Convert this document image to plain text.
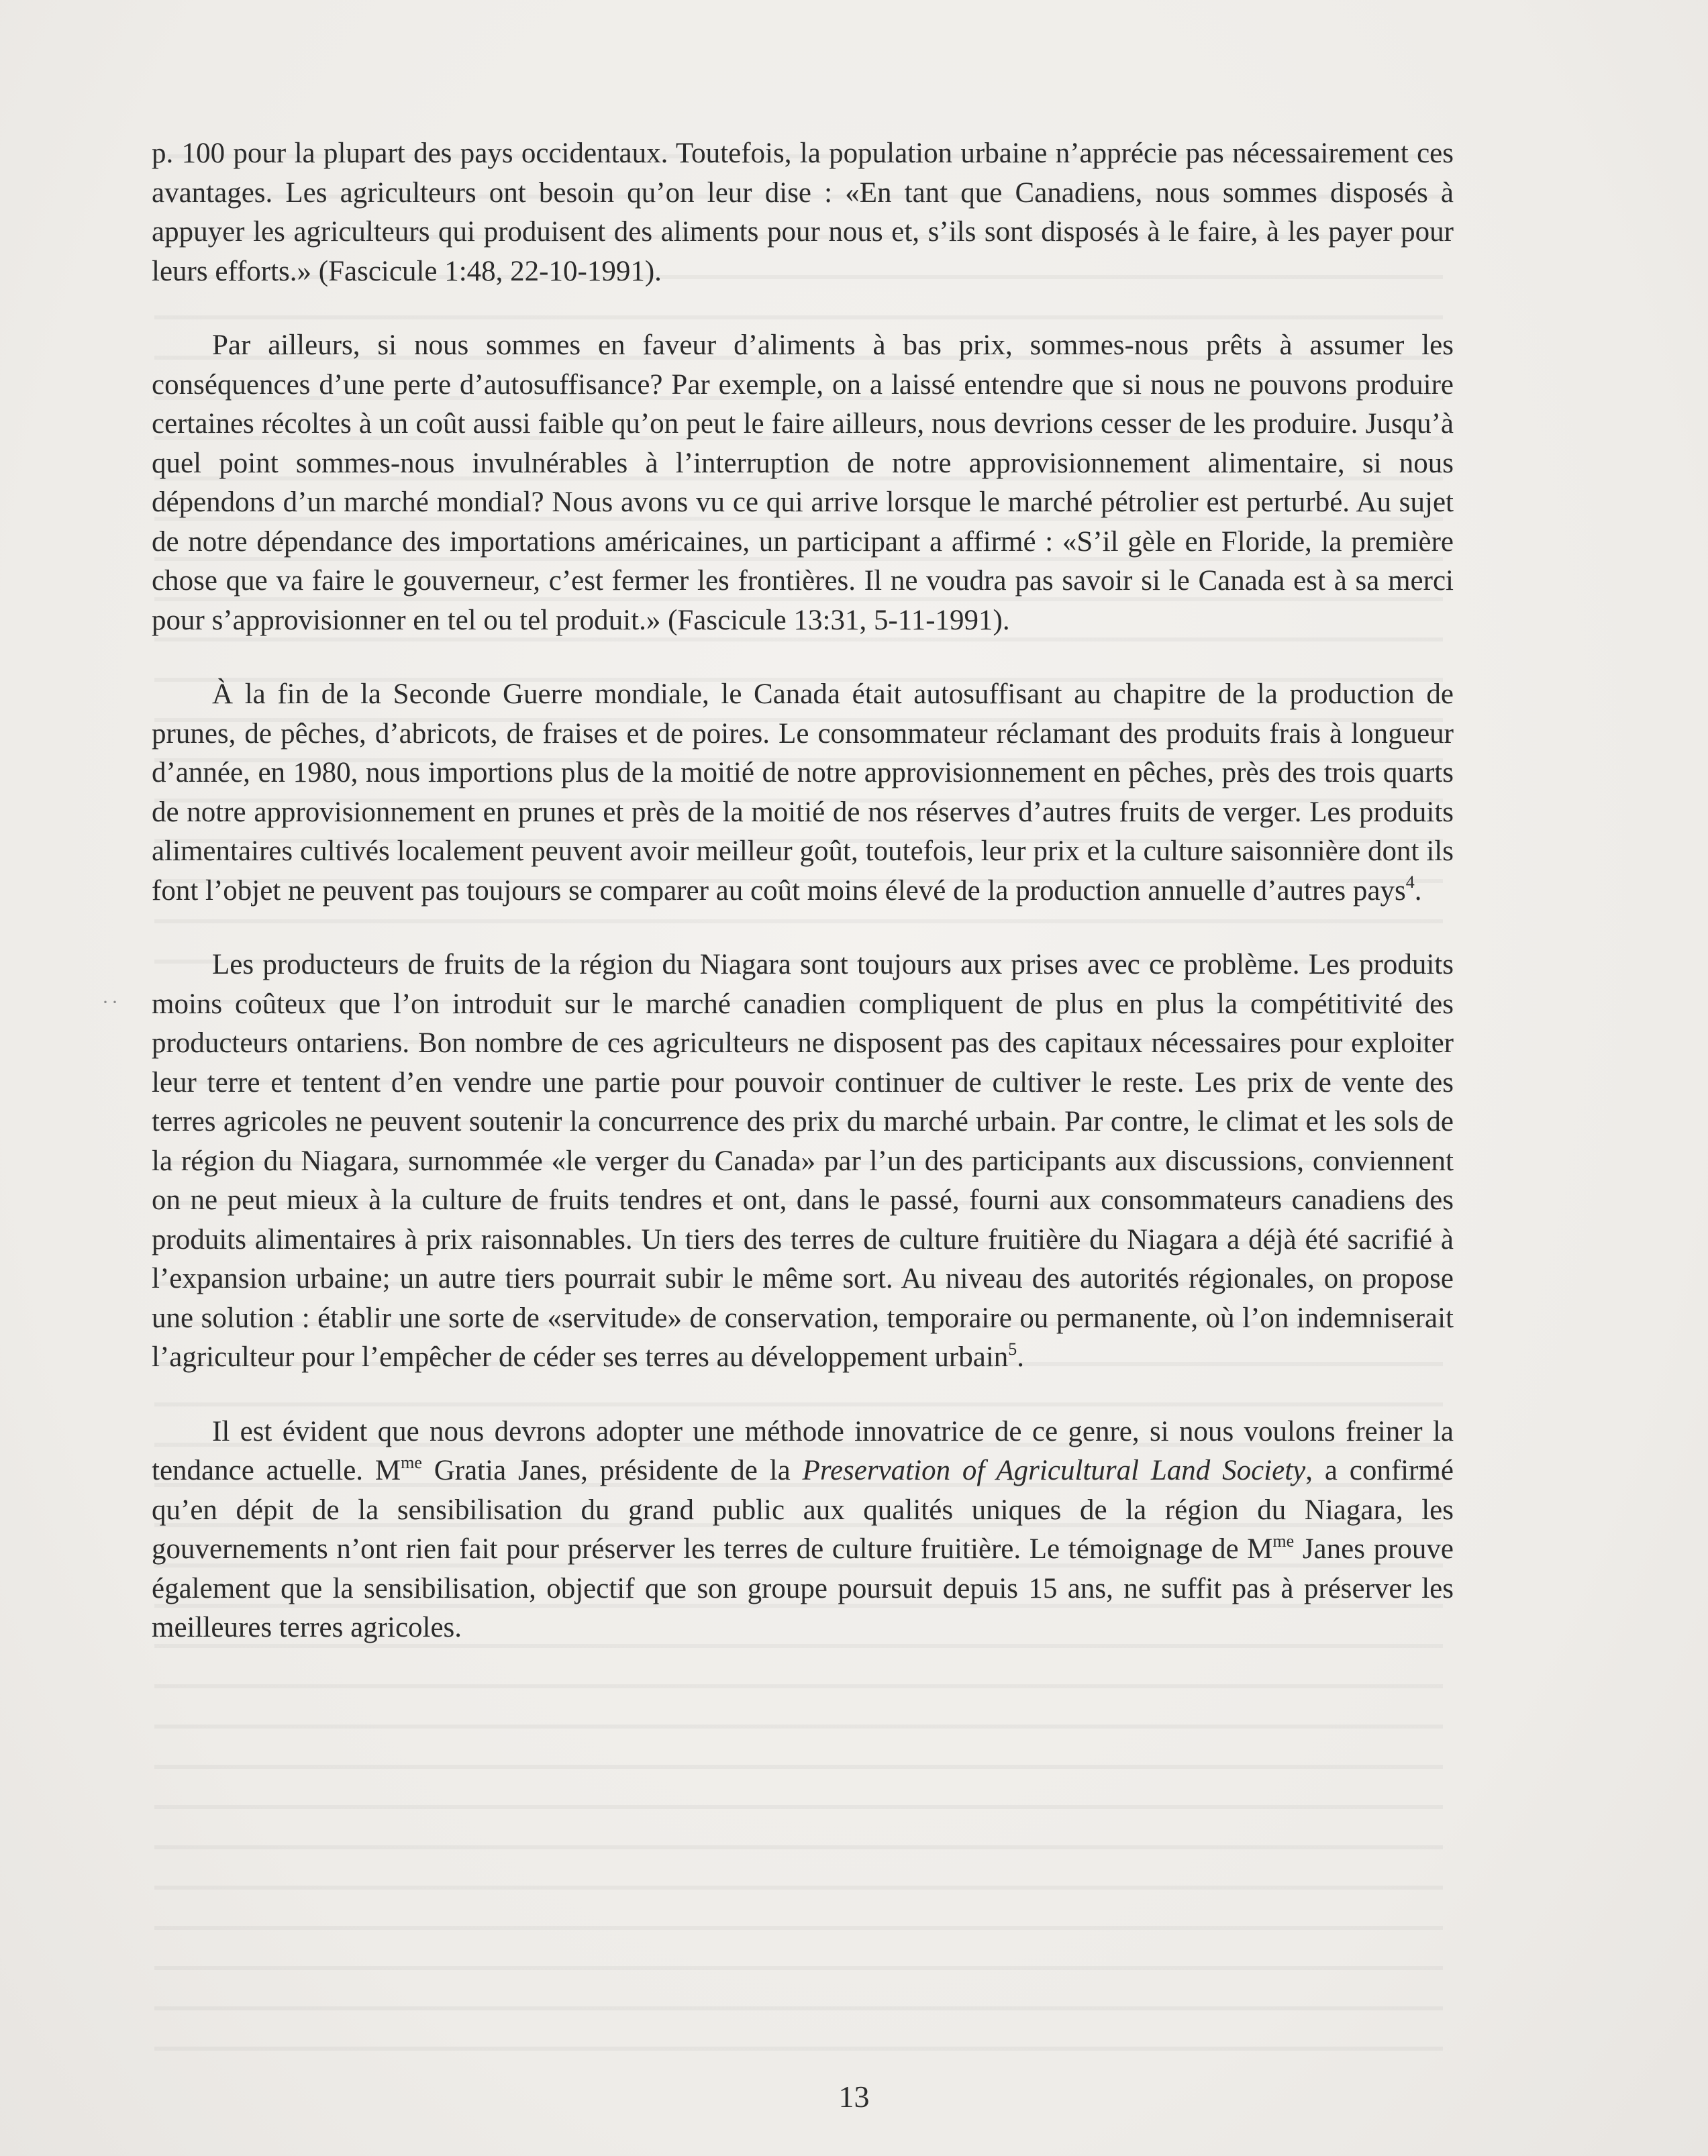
··

p. 100 pour la plupart des pays occidentaux. Toutefois, la population urbaine n’apprécie pas nécessairement ces avantages. Les agriculteurs ont besoin qu’on leur dise : «En tant que Canadiens, nous sommes disposés à appuyer les agriculteurs qui produisent des aliments pour nous et, s’ils sont disposés à le faire, à les payer pour leurs efforts.» (Fascicule 1:48, 22-10-1991).

Par ailleurs, si nous sommes en faveur d’aliments à bas prix, sommes-nous prêts à assumer les conséquences d’une perte d’autosuffisance? Par exemple, on a laissé entendre que si nous ne pouvons produire certaines récoltes à un coût aussi faible qu’on peut le faire ailleurs, nous devrions cesser de les produire. Jusqu’à quel point sommes-nous invulnérables à l’interruption de notre approvisionnement alimentaire, si nous dépendons d’un marché mondial? Nous avons vu ce qui arrive lorsque le marché pétrolier est perturbé. Au sujet de notre dépendance des importations américaines, un participant a affirmé : «S’il gèle en Floride, la première chose que va faire le gouverneur, c’est fermer les frontières. Il ne voudra pas savoir si le Canada est à sa merci pour s’approvisionner en tel ou tel produit.» (Fascicule 13:31, 5-11-1991).

À la fin de la Seconde Guerre mondiale, le Canada était autosuffisant au chapitre de la production de prunes, de pêches, d’abricots, de fraises et de poires. Le consommateur réclamant des produits frais à longueur d’année, en 1980, nous importions plus de la moitié de notre approvisionnement en pêches, près des trois quarts de notre approvisionnement en prunes et près de la moitié de nos réserves d’autres fruits de verger. Les produits alimentaires cultivés localement peuvent avoir meilleur goût, toutefois, leur prix et la culture saisonnière dont ils font l’objet ne peuvent pas toujours se comparer au coût moins élevé de la production annuelle d’autres pays$^4$.

Les producteurs de fruits de la région du Niagara sont toujours aux prises avec ce problème. Les produits moins coûteux que l’on introduit sur le marché canadien compliquent de plus en plus la compétitivité des producteurs ontariens. Bon nombre de ces agriculteurs ne disposent pas des capitaux nécessaires pour exploiter leur terre et tentent d’en vendre une partie pour pouvoir continuer de cultiver le reste. Les prix de vente des terres agricoles ne peuvent soutenir la concurrence des prix du marché urbain. Par contre, le climat et les sols de la région du Niagara, surnommée «le verger du Canada» par l’un des participants aux discussions, conviennent on ne peut mieux à la culture de fruits tendres et ont, dans le passé, fourni aux consommateurs canadiens des produits alimentaires à prix raisonnables. Un tiers des terres de culture fruitière du Niagara a déjà été sacrifié à l’expansion urbaine; un autre tiers pourrait subir le même sort. Au niveau des autorités régionales, on propose une solution : établir une sorte de «servitude» de conservation, temporaire ou permanente, où l’on indemniserait l’agriculteur pour l’empêcher de céder ses terres au développement urbain$^5$.

Il est évident que nous devrons adopter une méthode innovatrice de ce genre, si nous voulons freiner la tendance actuelle. $M^{me}$ Gratia Janes, présidente de la Preservation of Agricultural Land Society, a confirmé qu’en dépit de la sensibilisation du grand public aux qualités uniques de la région du Niagara, les gouvernements n’ont rien fait pour préserver les terres de culture fruitière. Le témoignage de $M^{me}$ Janes prouve également que la sensibilisation, objectif que son groupe poursuit depuis 15 ans, ne suffit pas à préserver les meilleures terres agricoles.

13
